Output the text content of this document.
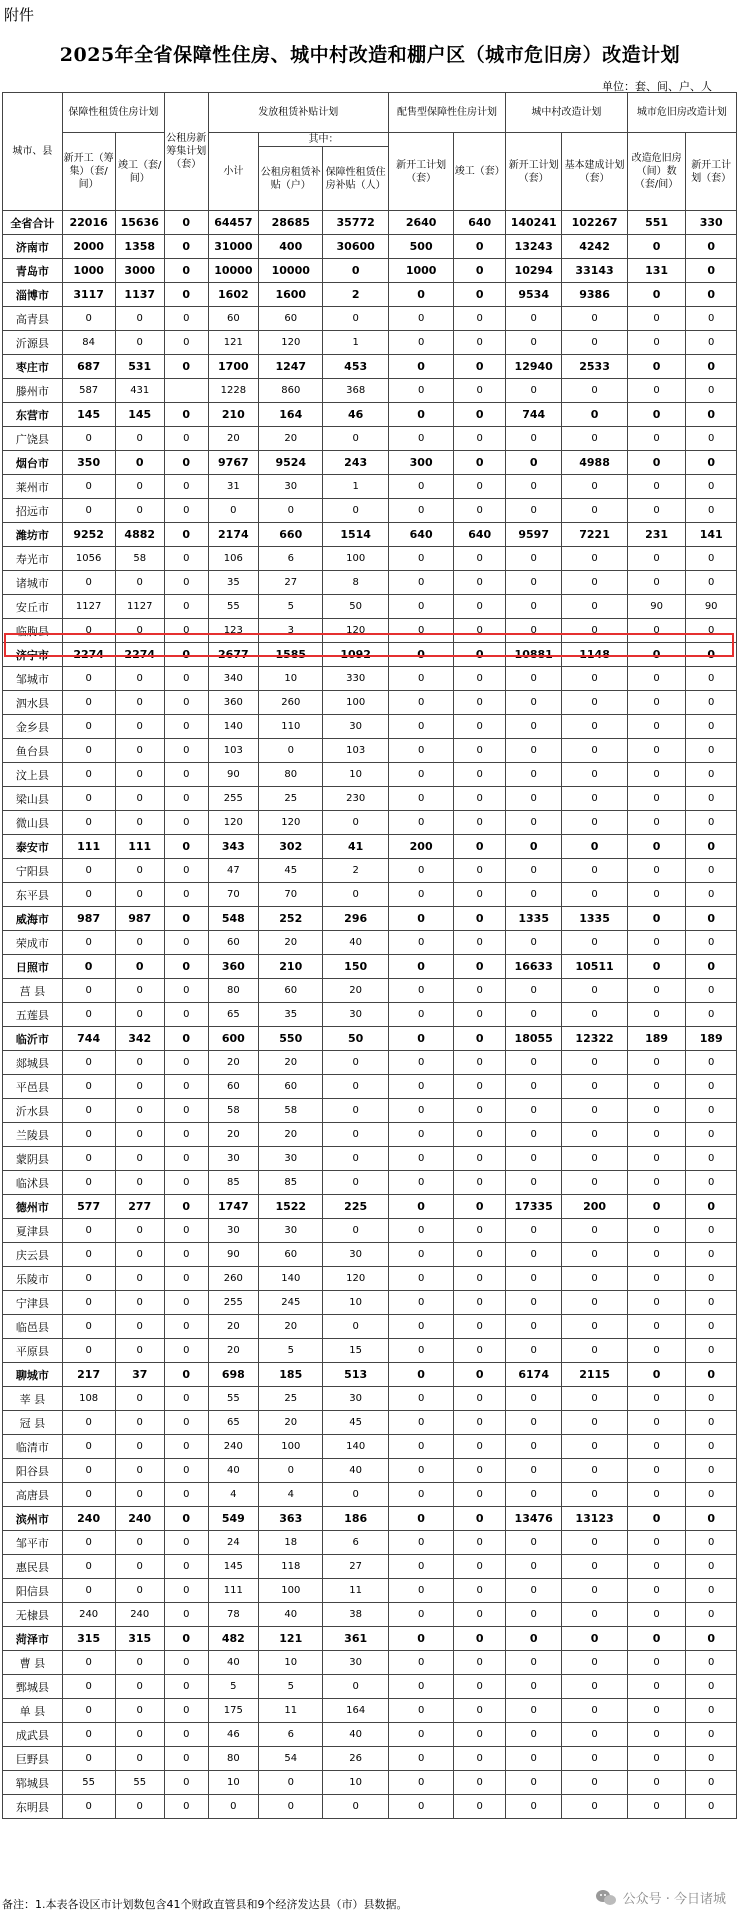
附件
2025年全省保障性住房、城中村改造和棚户区（城市危旧房）改造计划
单位：套、间、户、人
城市、县	保障性租赁住房计划		公租房新筹集计划（套）	发放租赁补贴计划			配售型保障性住房计划		城中村改造计划		城市危旧房改造计划	
	新开工（筹集）（套/间）	竣工（套/间）		小计	其中：		新开工计划（套）	竣工（套）	新开工计划（套）	基本建成计划（套）	改造危旧房（间）数（套/间）	新开工计划（套）
					公租房租赁补贴（户）	保障性租赁住房补贴（人）						
全省合计	22016	15636	0	64457	28685	35772	2640	640	140241	102267	551	330
济南市	2000	1358	0	31000	400	30600	500	0	13243	4242	0	0
青岛市	1000	3000	0	10000	10000	0	1000	0	10294	33143	131	0
淄博市	3117	1137	0	1602	1600	2	0	0	9534	9386	0	0
高青县	0	0	0	60	60	0	0	0	0	0	0	0
沂源县	84	0	0	121	120	1	0	0	0	0	0	0
枣庄市	687	531	0	1700	1247	453	0	0	12940	2533	0	0
滕州市	587	431		1228	860	368	0	0	0	0	0	0
东营市	145	145	0	210	164	46	0	0	744	0	0	0
广饶县	0	0	0	20	20	0	0	0	0	0	0	0
烟台市	350	0	0	9767	9524	243	300	0	0	4988	0	0
莱州市	0	0	0	31	30	1	0	0	0	0	0	0
招远市	0	0	0	0	0	0	0	0	0	0	0	0
潍坊市	9252	4882	0	2174	660	1514	640	640	9597	7221	231	141
寿光市	1056	58	0	106	6	100	0	0	0	0	0	0
诸城市	0	0	0	35	27	8	0	0	0	0	0	0
安丘市	1127	1127	0	55	5	50	0	0	0	0	90	90
临朐县	0	0	0	123	3	120	0	0	0	0	0	0
济宁市	2274	2274	0	2677	1585	1092	0	0	10881	1148	0	0
邹城市	0	0	0	340	10	330	0	0	0	0	0	0
泗水县	0	0	0	360	260	100	0	0	0	0	0	0
金乡县	0	0	0	140	110	30	0	0	0	0	0	0
鱼台县	0	0	0	103	0	103	0	0	0	0	0	0
汶上县	0	0	0	90	80	10	0	0	0	0	0	0
梁山县	0	0	0	255	25	230	0	0	0	0	0	0
微山县	0	0	0	120	120	0	0	0	0	0	0	0
泰安市	111	111	0	343	302	41	200	0	0	0	0	0
宁阳县	0	0	0	47	45	2	0	0	0	0	0	0
东平县	0	0	0	70	70	0	0	0	0	0	0	0
威海市	987	987	0	548	252	296	0	0	1335	1335	0	0
荣成市	0	0	0	60	20	40	0	0	0	0	0	0
日照市	0	0	0	360	210	150	0	0	16633	10511	0	0
莒 县	0	0	0	80	60	20	0	0	0	0	0	0
五莲县	0	0	0	65	35	30	0	0	0	0	0	0
临沂市	744	342	0	600	550	50	0	0	18055	12322	189	189
郯城县	0	0	0	20	20	0	0	0	0	0	0	0
平邑县	0	0	0	60	60	0	0	0	0	0	0	0
沂水县	0	0	0	58	58	0	0	0	0	0	0	0
兰陵县	0	0	0	20	20	0	0	0	0	0	0	0
蒙阴县	0	0	0	30	30	0	0	0	0	0	0	0
临沭县	0	0	0	85	85	0	0	0	0	0	0	0
德州市	577	277	0	1747	1522	225	0	0	17335	200	0	0
夏津县	0	0	0	30	30	0	0	0	0	0	0	0
庆云县	0	0	0	90	60	30	0	0	0	0	0	0
乐陵市	0	0	0	260	140	120	0	0	0	0	0	0
宁津县	0	0	0	255	245	10	0	0	0	0	0	0
临邑县	0	0	0	20	20	0	0	0	0	0	0	0
平原县	0	0	0	20	5	15	0	0	0	0	0	0
聊城市	217	37	0	698	185	513	0	0	6174	2115	0	0
莘 县	108	0	0	55	25	30	0	0	0	0	0	0
冠 县	0	0	0	65	20	45	0	0	0	0	0	0
临清市	0	0	0	240	100	140	0	0	0	0	0	0
阳谷县	0	0	0	40	0	40	0	0	0	0	0	0
高唐县	0	0	0	4	4	0	0	0	0	0	0	0
滨州市	240	240	0	549	363	186	0	0	13476	13123	0	0
邹平市	0	0	0	24	18	6	0	0	0	0	0	0
惠民县	0	0	0	145	118	27	0	0	0	0	0	0
阳信县	0	0	0	111	100	11	0	0	0	0	0	0
无棣县	240	240	0	78	40	38	0	0	0	0	0	0
菏泽市	315	315	0	482	121	361	0	0	0	0	0	0
曹 县	0	0	0	40	10	30	0	0	0	0	0	0
鄄城县	0	0	0	5	5	0	0	0	0	0	0	0
单 县	0	0	0	175	11	164	0	0	0	0	0	0
成武县	0	0	0	46	6	40	0	0	0	0	0	0
巨野县	0	0	0	80	54	26	0	0	0	0	0	0
郓城县	55	55	0	10	0	10	0	0	0	0	0	0
东明县	0	0	0	0	0	0	0	0	0	0	0	0
备注：1.本表各设区市计划数包含41个财政直管县和9个经济发达县（市）县数据。	公众号 · 今日诸城
